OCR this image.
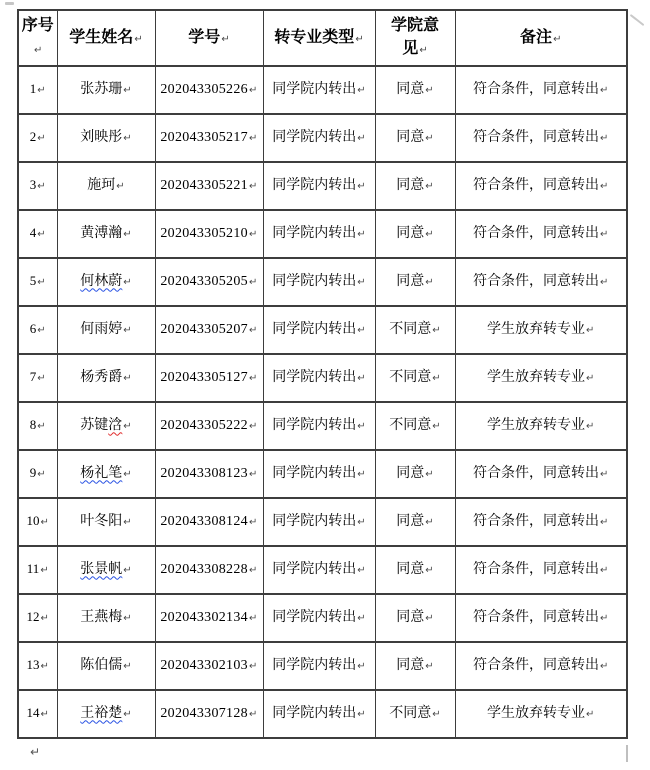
序号↵	学生姓名↵	学号↵	转专业类型↵	学院意见↵	备注↵
1↵	张苏珊↵	202043305226↵	同学院内转出↵	同意↵	符合条件，同意转出↵
2↵	刘映彤↵	202043305217↵	同学院内转出↵	同意↵	符合条件，同意转出↵
3↵	施珂↵	202043305221↵	同学院内转出↵	同意↵	符合条件，同意转出↵
4↵	黄溥瀚↵	202043305210↵	同学院内转出↵	同意↵	符合条件，同意转出↵
5↵	何林蔚↵	202043305205↵	同学院内转出↵	同意↵	符合条件，同意转出↵
6↵	何雨婷↵	202043305207↵	同学院内转出↵	不同意↵	学生放弃转专业↵
7↵	杨秀爵↵	202043305127↵	同学院内转出↵	不同意↵	学生放弃转专业↵
8↵	苏键浛↵	202043305222↵	同学院内转出↵	不同意↵	学生放弃转专业↵
9↵	杨礼笔↵	202043308123↵	同学院内转出↵	同意↵	符合条件，同意转出↵
10↵	叶冬阳↵	202043308124↵	同学院内转出↵	同意↵	符合条件，同意转出↵
11↵	张景帆↵	202043308228↵	同学院内转出↵	同意↵	符合条件，同意转出↵
12↵	王燕梅↵	202043302134↵	同学院内转出↵	同意↵	符合条件，同意转出↵
13↵	陈伯儒↵	202043302103↵	同学院内转出↵	同意↵	符合条件，同意转出↵
14↵	王裕楚↵	202043307128↵	同学院内转出↵	不同意↵	学生放弃转专业↵
↵
